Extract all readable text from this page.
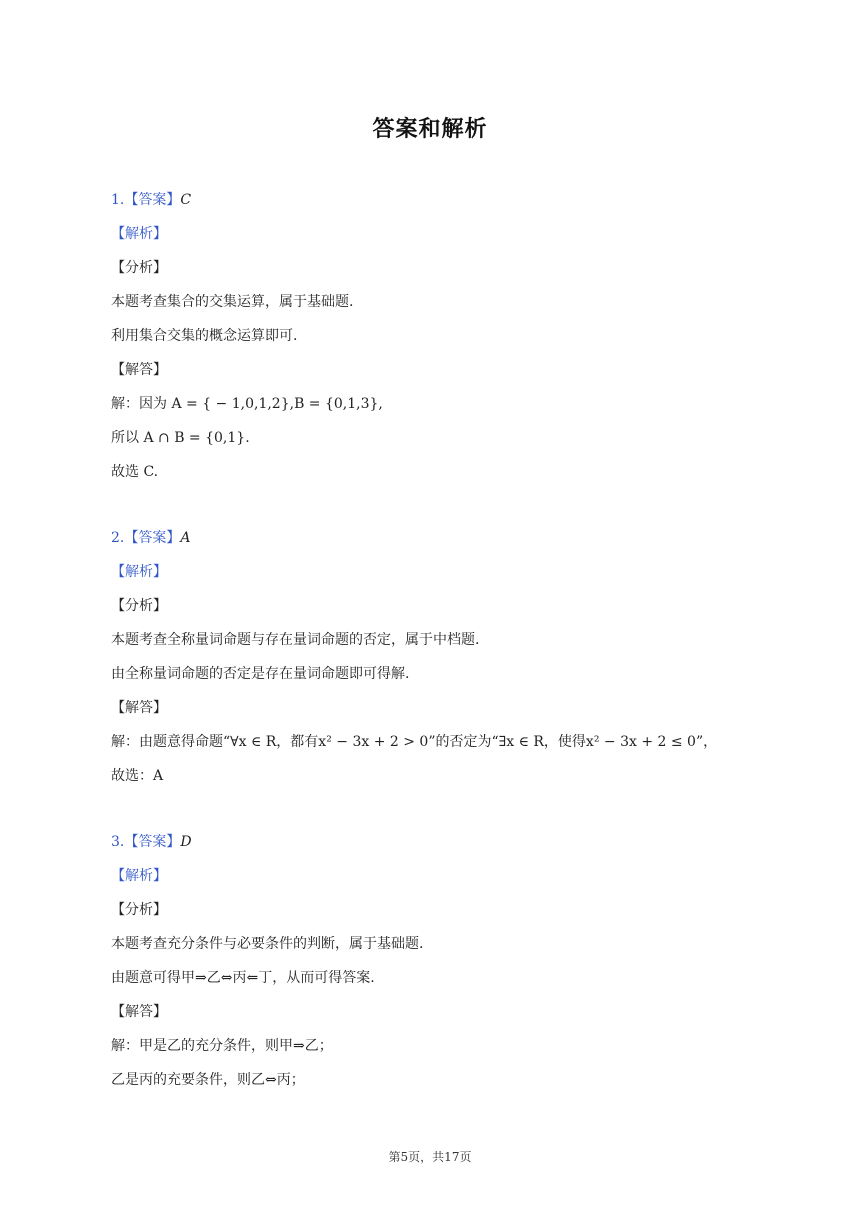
答案和解析
1.【答案】C
【解析】
【分析】
本题考查集合的交集运算，属于基础题.
利用集合交集的概念运算即可.
【解答】
解：因为 A = { − 1,0,1,2},B = {0,1,3},
所以 A ∩ B = {0,1}.
故选 C.
2.【答案】A
【解析】
【分析】
本题考查全称量词命题与存在量词命题的否定，属于中档题.
由全称量词命题的否定是存在量词命题即可得解.
【解答】
解：由题意得命题“∀x ∈ R，都有x² − 3x + 2 > 0”的否定为“∃x ∈ R，使得x² − 3x + 2 ≤ 0”，
故选：A
3.【答案】D
【解析】
【分析】
本题考查充分条件与必要条件的判断，属于基础题.
由题意可得甲⇒乙⇔丙⇐丁，从而可得答案.
【解答】
解：甲是乙的充分条件，则甲⇒乙；
乙是丙的充要条件，则乙⇔丙；
第5页，共17页
